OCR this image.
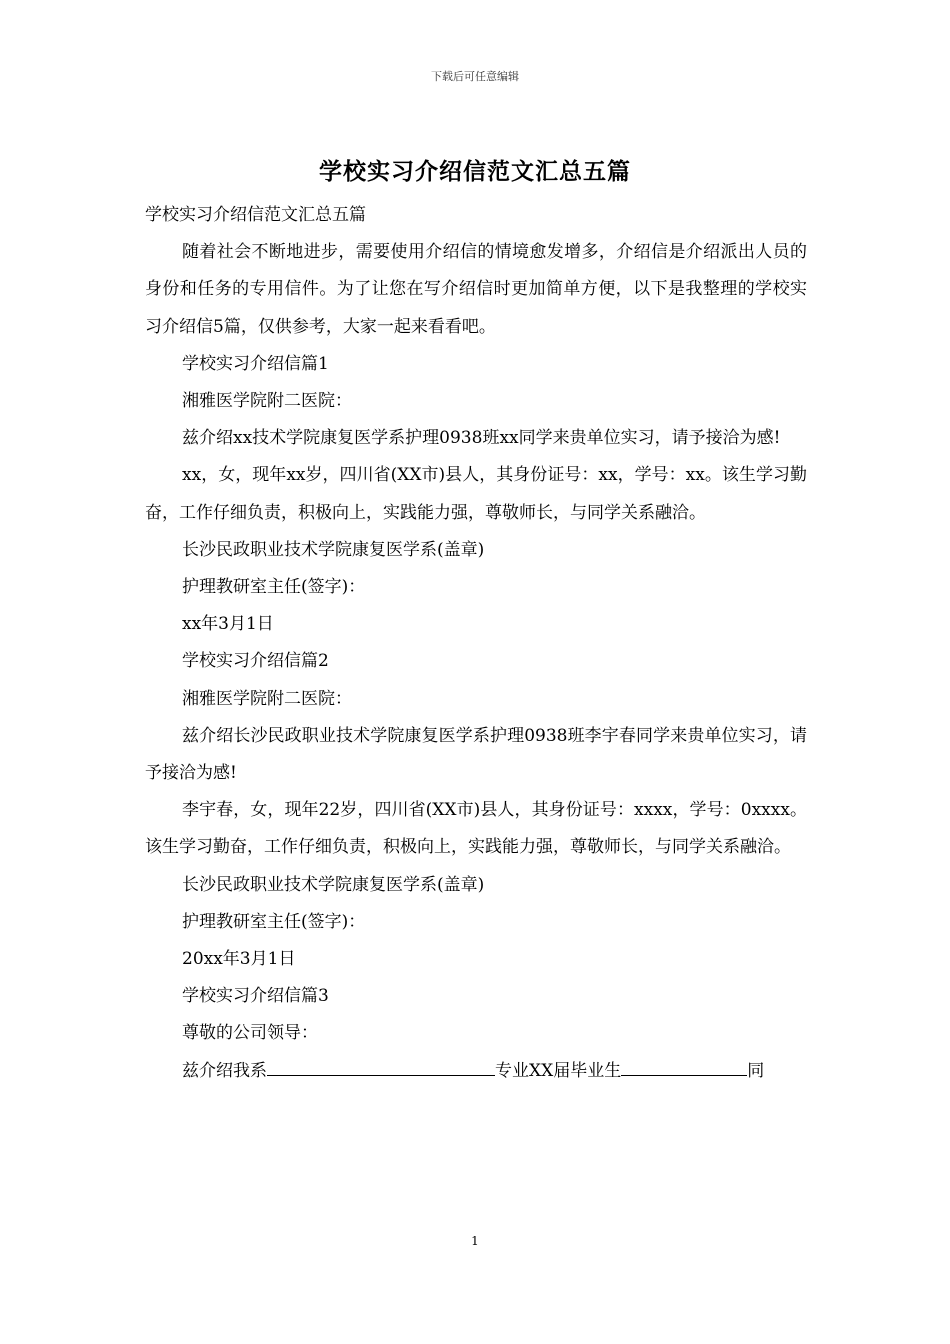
下载后可任意编辑
学校实习介绍信范文汇总五篇

学校实习介绍信范文汇总五篇

随着社会不断地进步，需要使用介绍信的情境愈发增多，介绍信是介绍派出人员的身份和任务的专用信件。为了让您在写介绍信时更加简单方便，以下是我整理的学校实习介绍信5篇，仅供参考，大家一起来看看吧。

学校实习介绍信篇1

湘雅医学院附二医院：

兹介绍xx技术学院康复医学系护理0938班xx同学来贵单位实习，请予接洽为感!

xx，女，现年xx岁，四川省(XX市)县人，其身份证号：xx，学号：xx。该生学习勤奋，工作仔细负责，积极向上，实践能力强，尊敬师长，与同学关系融洽。

长沙民政职业技术学院康复医学系(盖章)

护理教研室主任(签字)：

xx年3月1日

学校实习介绍信篇2

湘雅医学院附二医院：

兹介绍长沙民政职业技术学院康复医学系护理0938班李宇春同学来贵单位实习，请予接洽为感!

李宇春，女，现年22岁，四川省(XX市)县人，其身份证号：xxxx，学号：0xxxx。该生学习勤奋，工作仔细负责，积极向上，实践能力强，尊敬师长，与同学关系融洽。

长沙民政职业技术学院康复医学系(盖章)

护理教研室主任(签字)：

20xx年3月1日

学校实习介绍信篇3

尊敬的公司领导：

兹介绍我系	专业XX届毕业生	同

1
